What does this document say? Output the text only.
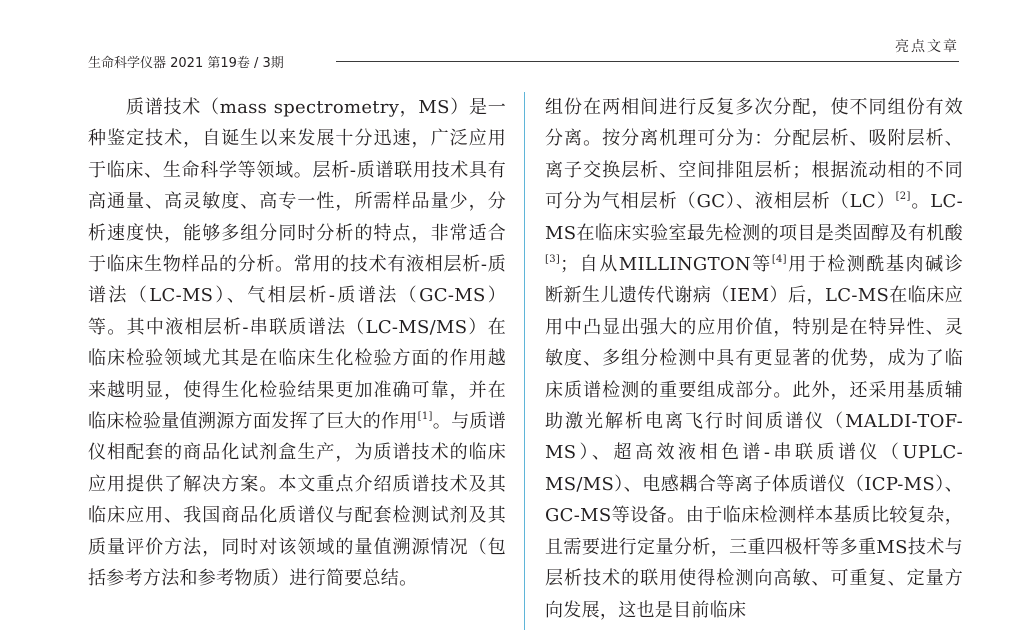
生命科学仪器 2021 第19卷 / 3期
亮点文章

质谱技术（mass spectrometry，MS）是一种鉴定技术，自诞生以来发展十分迅速，广泛应用于临床、生命科学等领域。层析-质谱联用技术具有高通量、高灵敏度、高专一性，所需样品量少，分析速度快，能够多组分同时分析的特点，非常适合于临床生物样品的分析。常用的技术有液相层析-质谱法（LC-MS）、气相层析-质谱法（GC-MS）等。其中液相层析-串联质谱法（LC-MS/MS）在临床检验领域尤其是在临床生化检验方面的作用越来越明显，使得生化检验结果更加准确可靠，并在临床检验量值溯源方面发挥了巨大的作用[1]。与质谱仪相配套的商品化试剂盒生产，为质谱技术的临床应用提供了解决方案。本文重点介绍质谱技术及其临床应用、我国商品化质谱仪与配套检测试剂及其质量评价方法，同时对该领域的量值溯源情况（包括参考方法和参考物质）进行简要总结。

组份在两相间进行反复多次分配，使不同组份有效分离。按分离机理可分为：分配层析、吸附层析、离子交换层析、空间排阻层析；根据流动相的不同可分为气相层析（GC）、液相层析（LC）[2]。LC-MS在临床实验室最先检测的项目是类固醇及有机酸[3]；自从MILLINGTON等[4]用于检测酰基肉碱诊断新生儿遗传代谢病（IEM）后，LC-MS在临床应用中凸显出强大的应用价值，特别是在特异性、灵敏度、多组分检测中具有更显著的优势，成为了临床质谱检测的重要组成部分。此外，还采用基质辅助激光解析电离飞行时间质谱仪（MALDI-TOF-MS）、超高效液相色谱-串联质谱仪（UPLC-MS/MS）、电感耦合等离子体质谱仪（ICP-MS）、GC-MS等设备。由于临床检测样本基质比较复杂，且需要进行定量分析，三重四极杆等多重MS技术与层析技术的联用使得检测向高敏、可重复、定量方向发展，这也是目前临床
